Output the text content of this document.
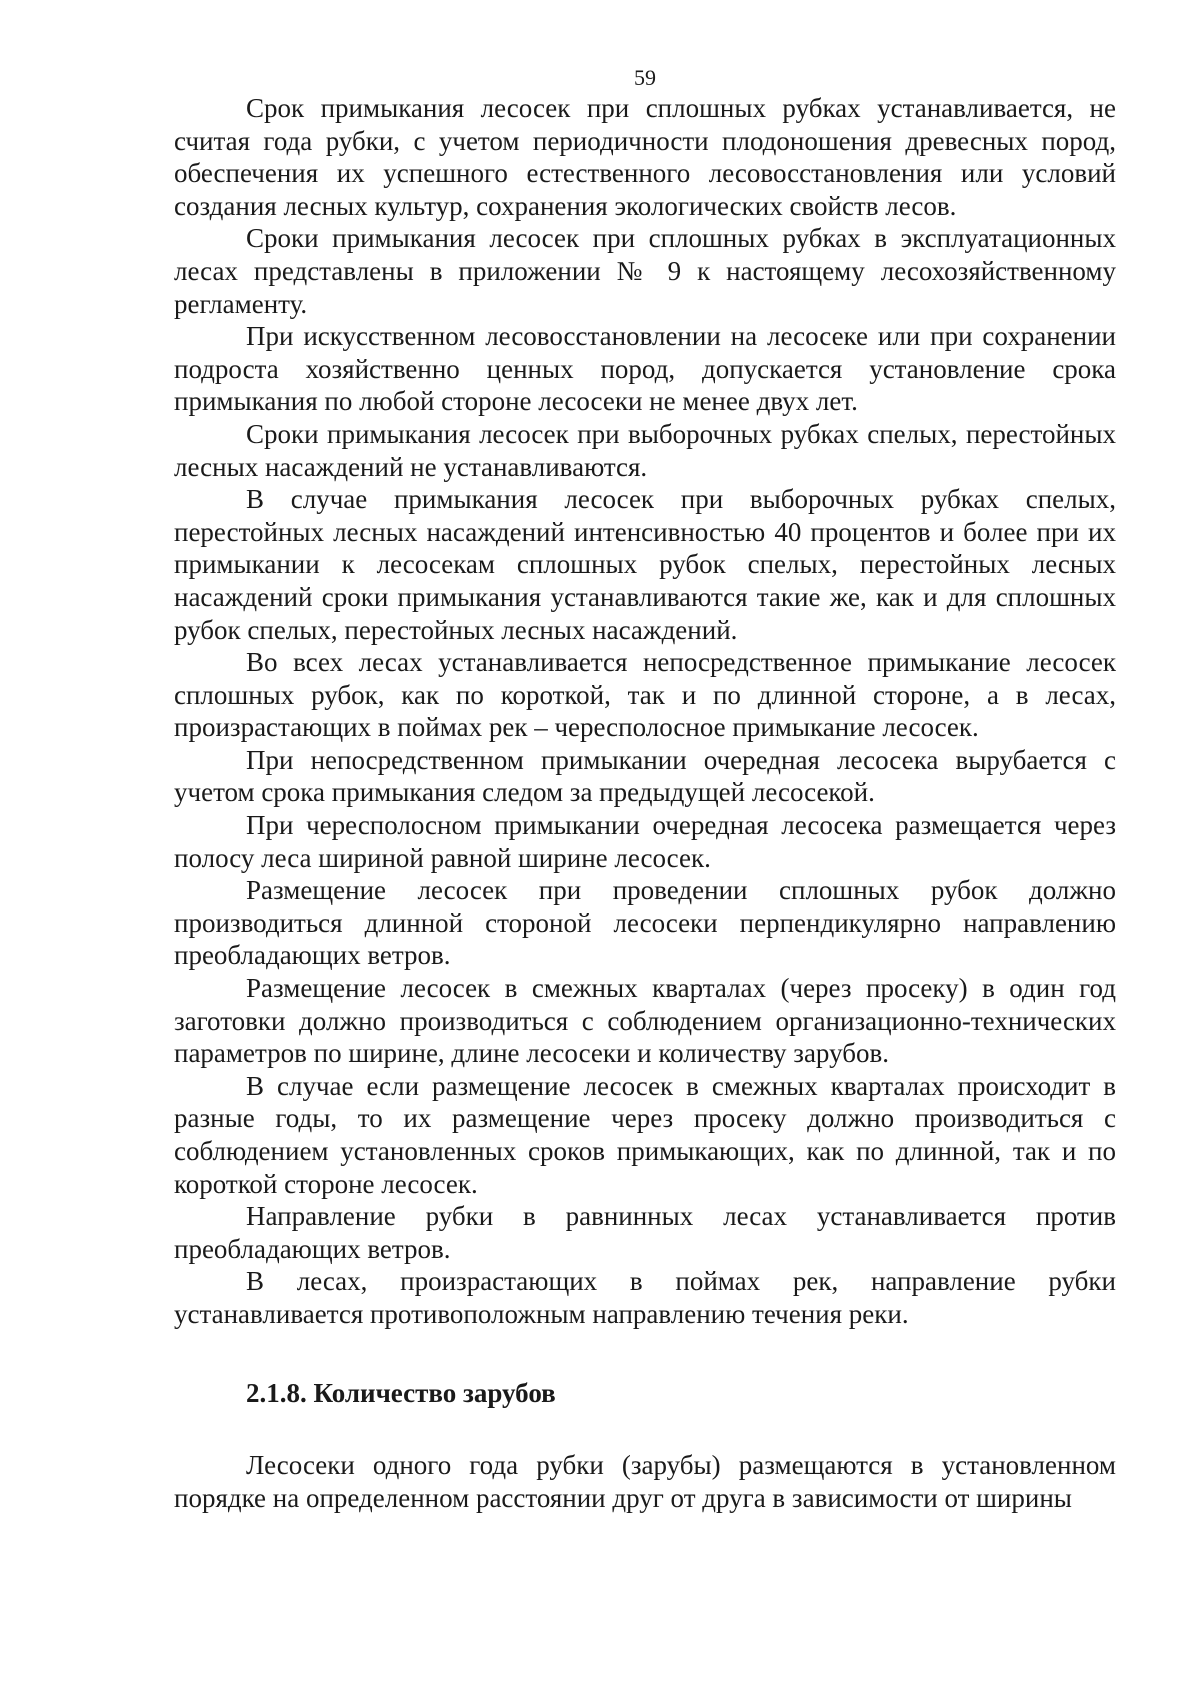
59

Срок примыкания лесосек при сплошных рубках устанавливается, не считая года рубки, с учетом периодичности плодоношения древесных пород, обеспечения их успешного естественного лесовосстановления или условий создания лесных культур, сохранения экологических свойств лесов.

Сроки примыкания лесосек при сплошных рубках в эксплуатационных лесах представлены в приложении № 9 к настоящему лесохозяйственному регламенту.

При искусственном лесовосстановлении на лесосеке или при сохранении подроста хозяйственно ценных пород, допускается установление срока примыкания по любой стороне лесосеки не менее двух лет.

Сроки примыкания лесосек при выборочных рубках спелых, перестойных лесных насаждений не устанавливаются.

В случае примыкания лесосек при выборочных рубках спелых, перестойных лесных насаждений интенсивностью 40 процентов и более при их примыкании к лесосекам сплошных рубок спелых, перестойных лесных насаждений сроки примыкания устанавливаются такие же, как и для сплошных рубок спелых, перестойных лесных насаждений.

Во всех лесах устанавливается непосредственное примыкание лесосек сплошных рубок, как по короткой, так и по длинной стороне, а в лесах, произрастающих в поймах рек – чересполосное примыкание лесосек.

При непосредственном примыкании очередная лесосека вырубается с учетом срока примыкания следом за предыдущей лесосекой.

При чересполосном примыкании очередная лесосека размещается через полосу леса шириной равной ширине лесосек.

Размещение лесосек при проведении сплошных рубок должно производиться длинной стороной лесосеки перпендикулярно направлению преобладающих ветров.

Размещение лесосек в смежных кварталах (через просеку) в один год заготовки должно производиться с соблюдением организационно-технических параметров по ширине, длине лесосеки и количеству зарубов.

В случае если размещение лесосек в смежных кварталах происходит в разные годы, то их размещение через просеку должно производиться с соблюдением установленных сроков примыкающих, как по длинной, так и по короткой стороне лесосек.

Направление рубки в равнинных лесах устанавливается против преобладающих ветров.

В лесах, произрастающих в поймах рек, направление рубки устанавливается противоположным направлению течения реки.

2.1.8. Количество зарубов

Лесосеки одного года рубки (зарубы) размещаются в установленном порядке на определенном расстоянии друг от друга в зависимости от ширины
